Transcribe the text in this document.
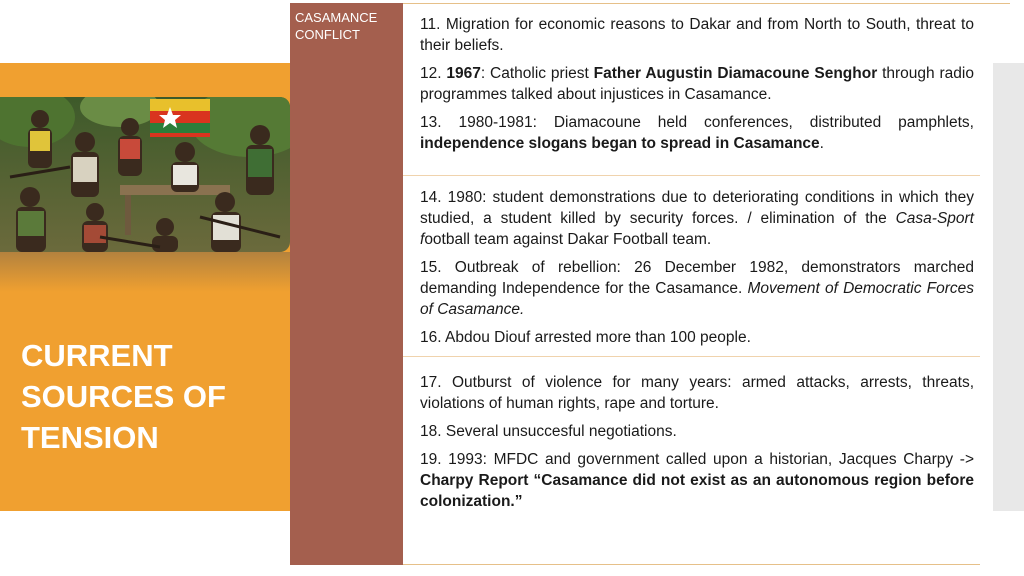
CURRENT
SOURCES OF
TENSION
CASAMANCE
CONFLICT

11. Migration for economic reasons to Dakar and from North to South, threat to their beliefs.

12. 1967: Catholic priest Father Augustin Diamacoune Senghor through radio programmes talked about injustices in Casamance.

13. 1980-1981: Diamacoune held conferences, distributed pamphlets, independence slogans began to spread in Casamance.

14. 1980: student demonstrations due to deteriorating conditions in which they studied, a student killed by security forces. / elimination of the Casa-Sport football team against Dakar Football team.

15. Outbreak of rebellion: 26 December 1982, demonstrators marched demanding Independence for the Casamance. Movement of Democratic Forces of Casamance.

16. Abdou Diouf arrested more than 100 people.

17. Outburst of violence for many years: armed attacks, arrests, threats, violations of human rights, rape and torture.

18. Several unsuccesful negotiations.

19. 1993: MFDC and government called upon a historian, Jacques Charpy -> Charpy Report “Casamance did not exist as an autonomous region before colonization.”
